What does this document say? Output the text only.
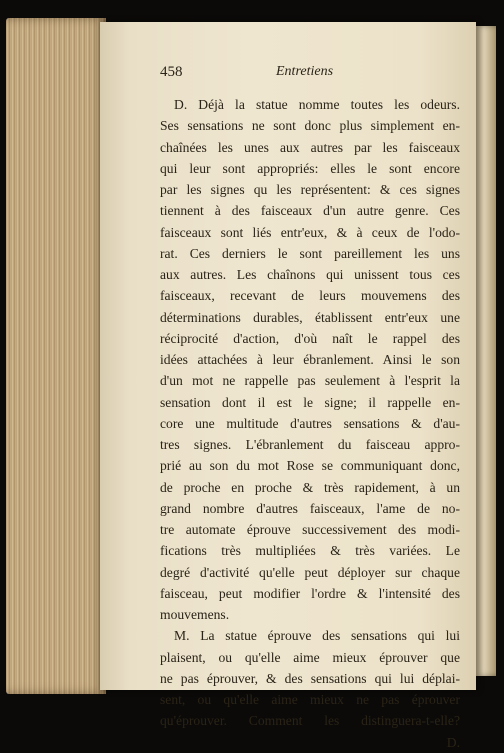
458	Entretiens
D. Déjà la statue nomme toutes les odeurs.
Ses sensations ne sont donc plus simplement en-
chaînées les unes aux autres par les faisceaux
qui leur sont appropriés: elles le sont encore
par les signes qu les représentent: & ces signes
tiennent à des faisceaux d'un autre genre. Ces
faisceaux sont liés entr'eux, & à ceux de l'odo-
rat. Ces derniers le sont pareillement les uns
aux autres. Les chaînons qui unissent tous ces
faisceaux, recevant de leurs mouvemens des
déterminations durables, établissent entr'eux une
réciprocité d'action, d'où naît le rappel des
idées attachées à leur ébranlement. Ainsi le son
d'un mot ne rappelle pas seulement à l'esprit la
sensation dont il est le signe; il rappelle en-
core une multitude d'autres sensations & d'au-
tres signes. L'ébranlement du faisceau appro-
prié au son du mot Rose se communiquant donc,
de proche en proche & très rapidement, à un
grand nombre d'autres faisceaux, l'ame de no-
tre automate éprouve successivement des modi-
fications très multipliées & très variées. Le
degré d'activité qu'elle peut déployer sur chaque
faisceau, peut modifier l'ordre & l'intensité des
mouvemens.
M. La statue éprouve des sensations qui lui
plaisent, ou qu'elle aime mieux éprouver que
ne pas éprouver, & des sensations qui lui déplai-
sent, ou qu'elle aime mieux ne pas éprouver
qu'éprouver. Comment les distinguera-t-elle?
D.
